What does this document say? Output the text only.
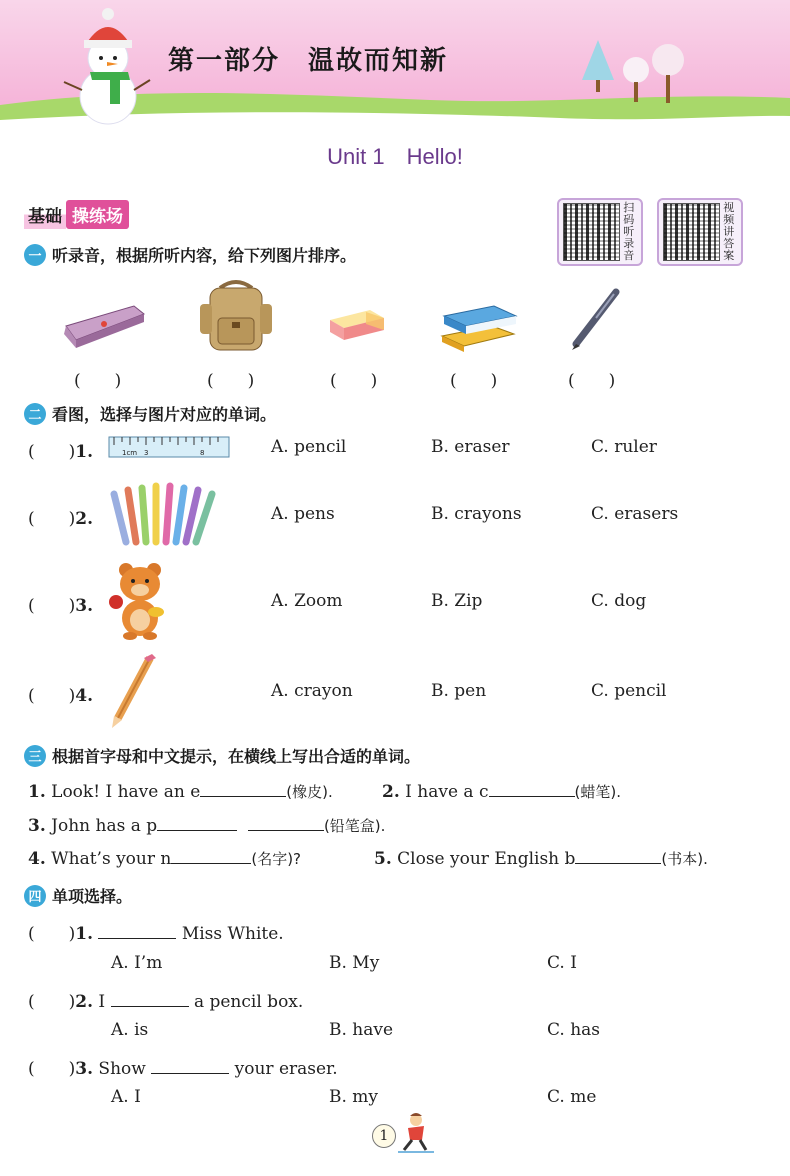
第一部分　温故而知新
Unit 1　Hello!
基础 操练场	扫码听录音
视频讲答案
一 听录音，根据所听内容，给下列图片排序。
(　　)	(　　)	(　　)	(　　)	(　　)
二 看图，选择与图片对应的单词。
(　　)1.	1cm 3	8	A. pencil	B. eraser	C. ruler
(　　)2.	A. pens	B. crayons	C. erasers
(　　)3.	A. Zoom	B. Zip	C. dog
(　　)4.	A. crayon	B. pen	C. pencil
三 根据首字母和中文提示，在横线上写出合适的单词。
1. Look! I have an e	(橡皮).	2. I have a c	(蜡笔).
3. John has a p	(铅笔盒).
4. What’s your n	(名字)?	5. Close your English b	(书本).
四 单项选择。
(　　)1.	Miss White.
A. I’m	B. My	C. I
(　　)2. I	a pencil box.
A. is	B. have	C. has
(　　)3. Show	your eraser.
A. I	B. my	C. me
1
